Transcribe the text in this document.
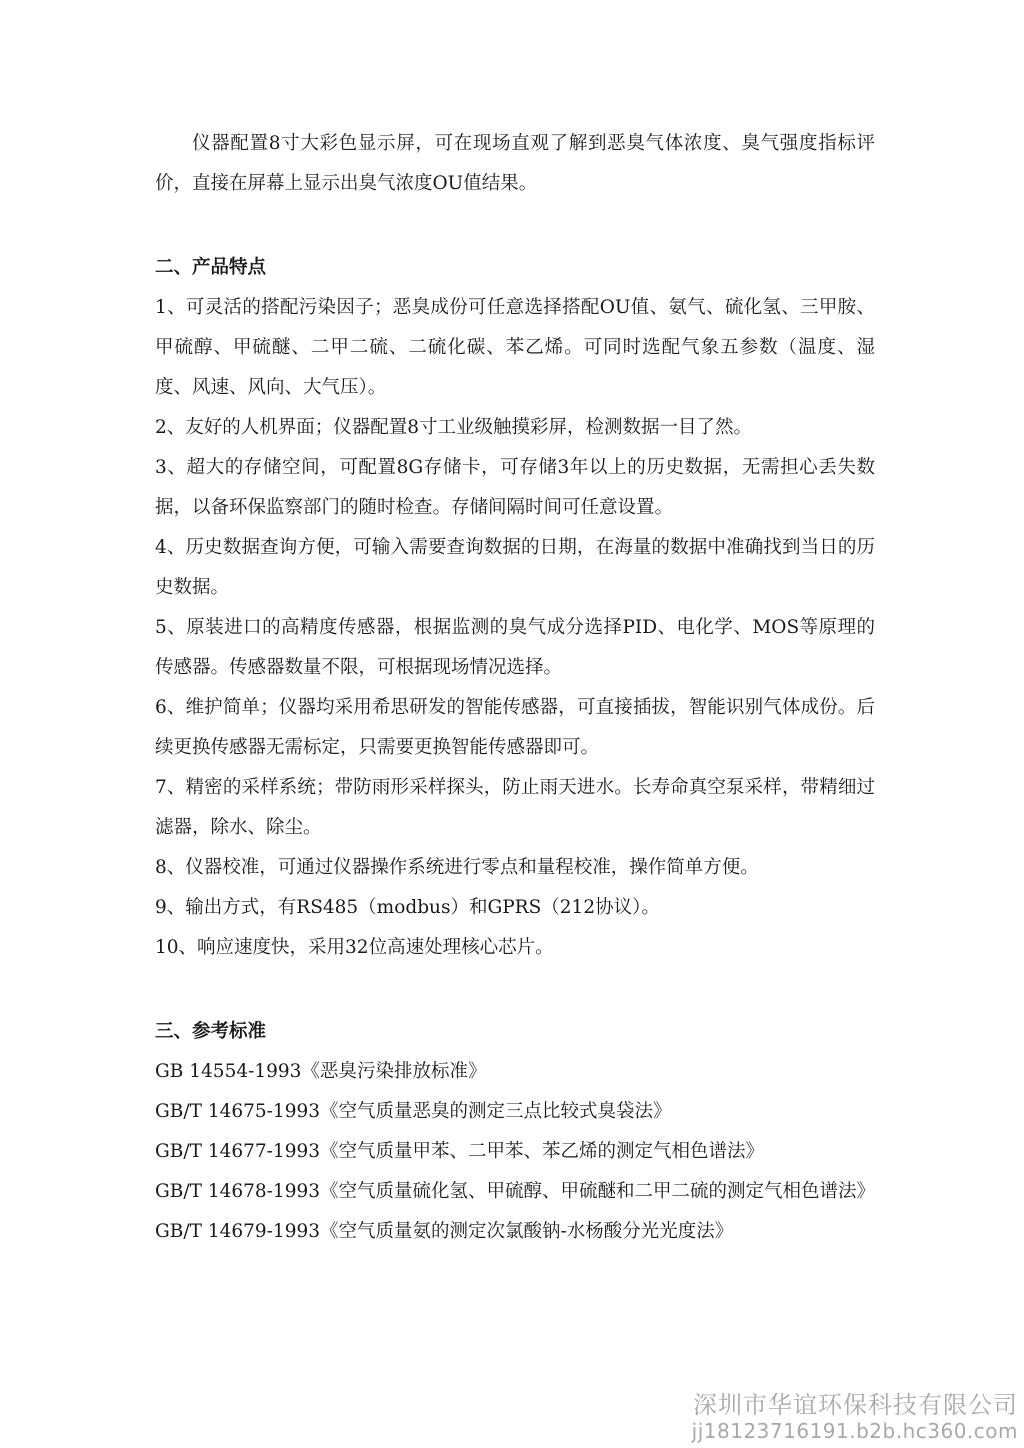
仪器配置8寸大彩色显示屏，可在现场直观了解到恶臭气体浓度、臭气强度指标评价，直接在屏幕上显示出臭气浓度OU值结果。

二、产品特点

1、可灵活的搭配污染因子；恶臭成份可任意选择搭配OU值、氨气、硫化氢、三甲胺、甲硫醇、甲硫醚、二甲二硫、二硫化碳、苯乙烯。可同时选配气象五参数（温度、湿度、风速、风向、大气压）。

2、友好的人机界面；仪器配置8寸工业级触摸彩屏，检测数据一目了然。

3、超大的存储空间，可配置8G存储卡，可存储3年以上的历史数据，无需担心丢失数据，以备环保监察部门的随时检查。存储间隔时间可任意设置。

4、历史数据查询方便，可输入需要查询数据的日期，在海量的数据中准确找到当日的历史数据。

5、原装进口的高精度传感器，根据监测的臭气成分选择PID、电化学、MOS等原理的传感器。传感器数量不限，可根据现场情况选择。

6、维护简单；仪器均采用希思研发的智能传感器，可直接插拔，智能识别气体成份。后续更换传感器无需标定，只需要更换智能传感器即可。

7、精密的采样系统；带防雨形采样探头，防止雨天进水。长寿命真空泵采样，带精细过滤器，除水、除尘。

8、仪器校准，可通过仪器操作系统进行零点和量程校准，操作简单方便。

9、输出方式，有RS485（modbus）和GPRS（212协议）。

10、响应速度快，采用32位高速处理核心芯片。

三、参考标准

GB 14554-1993《恶臭污染排放标准》

GB/T 14675-1993《空气质量恶臭的测定三点比较式臭袋法》

GB/T 14677-1993《空气质量甲苯、二甲苯、苯乙烯的测定气相色谱法》

GB/T 14678-1993《空气质量硫化氢、甲硫醇、甲硫醚和二甲二硫的测定气相色谱法》

GB/T 14679-1993《空气质量氨的测定次氯酸钠-水杨酸分光光度法》

深圳市华谊环保科技有限公司
jj18123716191.b2b.hc360.com
